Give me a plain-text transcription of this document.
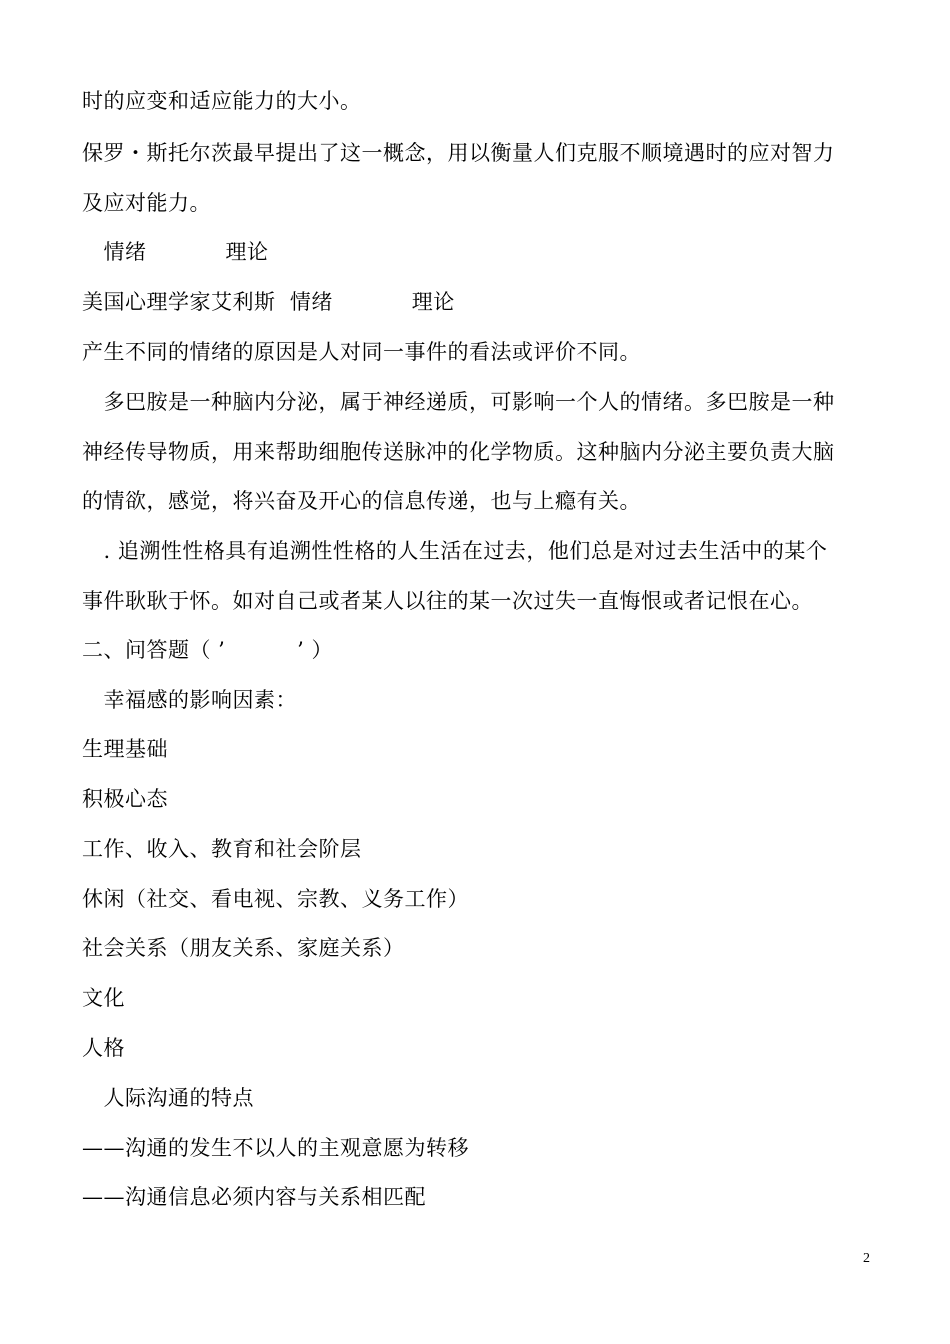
时的应变和适应能力的大小。
保罗・斯托尔茨最早提出了这一概念，用以衡量人们克服不顺境遇时的应对智力
及应对能力。
情绪           理论
美国心理学家艾利斯  情绪           理论
产生不同的情绪的原因是人对同一事件的看法或评价不同。
多巴胺是一种脑内分泌，属于神经递质，可影响一个人的情绪。多巴胺是一种
神经传导物质，用来帮助细胞传送脉冲的化学物质。这种脑内分泌主要负责大脑
的情欲，感觉，将兴奋及开心的信息传递，也与上瘾有关。
. 追溯性性格具有追溯性性格的人生活在过去，他们总是对过去生活中的某个
事件耿耿于怀。如对自己或者某人以往的某一次过失一直悔恨或者记恨在心。
二、问答题（ ’          ’ ）
幸福感的影响因素：
生理基础
积极心态
工作、收入、教育和社会阶层
休闲（社交、看电视、宗教、义务工作）
社会关系（朋友关系、家庭关系）
文化
人格
人际沟通的特点
——沟通的发生不以人的主观意愿为转移
——沟通信息必须内容与关系相匹配
2
